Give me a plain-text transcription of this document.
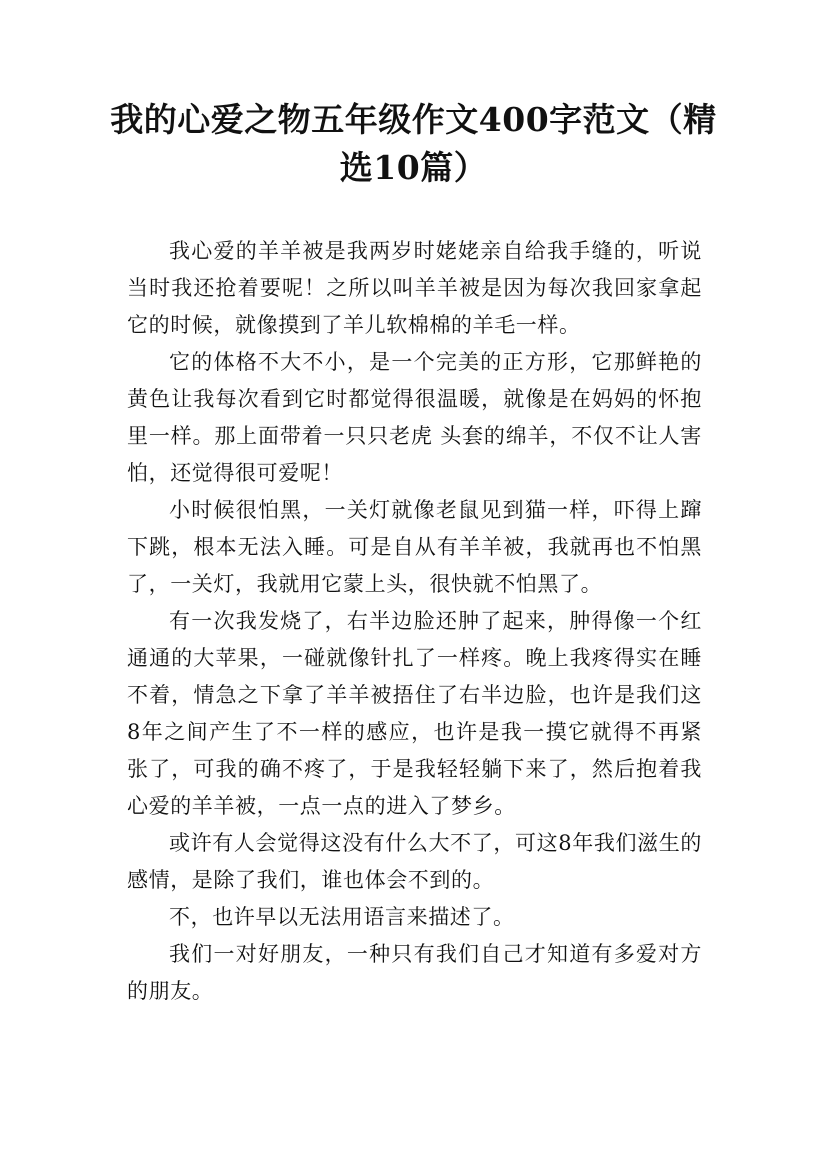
我的心爱之物五年级作文400字范文（精选10篇）

我心爱的羊羊被是我两岁时姥姥亲自给我手缝的，听说当时我还抢着要呢！之所以叫羊羊被是因为每次我回家拿起它的时候，就像摸到了羊儿软棉棉的羊毛一样。

它的体格不大不小，是一个完美的正方形，它那鲜艳的黄色让我每次看到它时都觉得很温暖，就像是在妈妈的怀抱里一样。那上面带着一只只老虎 头套的绵羊，不仅不让人害怕，还觉得很可爱呢！

小时候很怕黑，一关灯就像老鼠见到猫一样，吓得上蹿下跳，根本无法入睡。可是自从有羊羊被，我就再也不怕黑了，一关灯，我就用它蒙上头，很快就不怕黑了。

有一次我发烧了，右半边脸还肿了起来，肿得像一个红通通的大苹果，一碰就像针扎了一样疼。晚上我疼得实在睡不着，情急之下拿了羊羊被捂住了右半边脸，也许是我们这8年之间产生了不一样的感应，也许是我一摸它就得不再紧张了，可我的确不疼了，于是我轻轻躺下来了，然后抱着我心爱的羊羊被，一点一点的进入了梦乡。

或许有人会觉得这没有什么大不了，可这8年我们滋生的感情，是除了我们，谁也体会不到的。

不，也许早以无法用语言来描述了。

我们一对好朋友，一种只有我们自己才知道有多爱对方的朋友。
